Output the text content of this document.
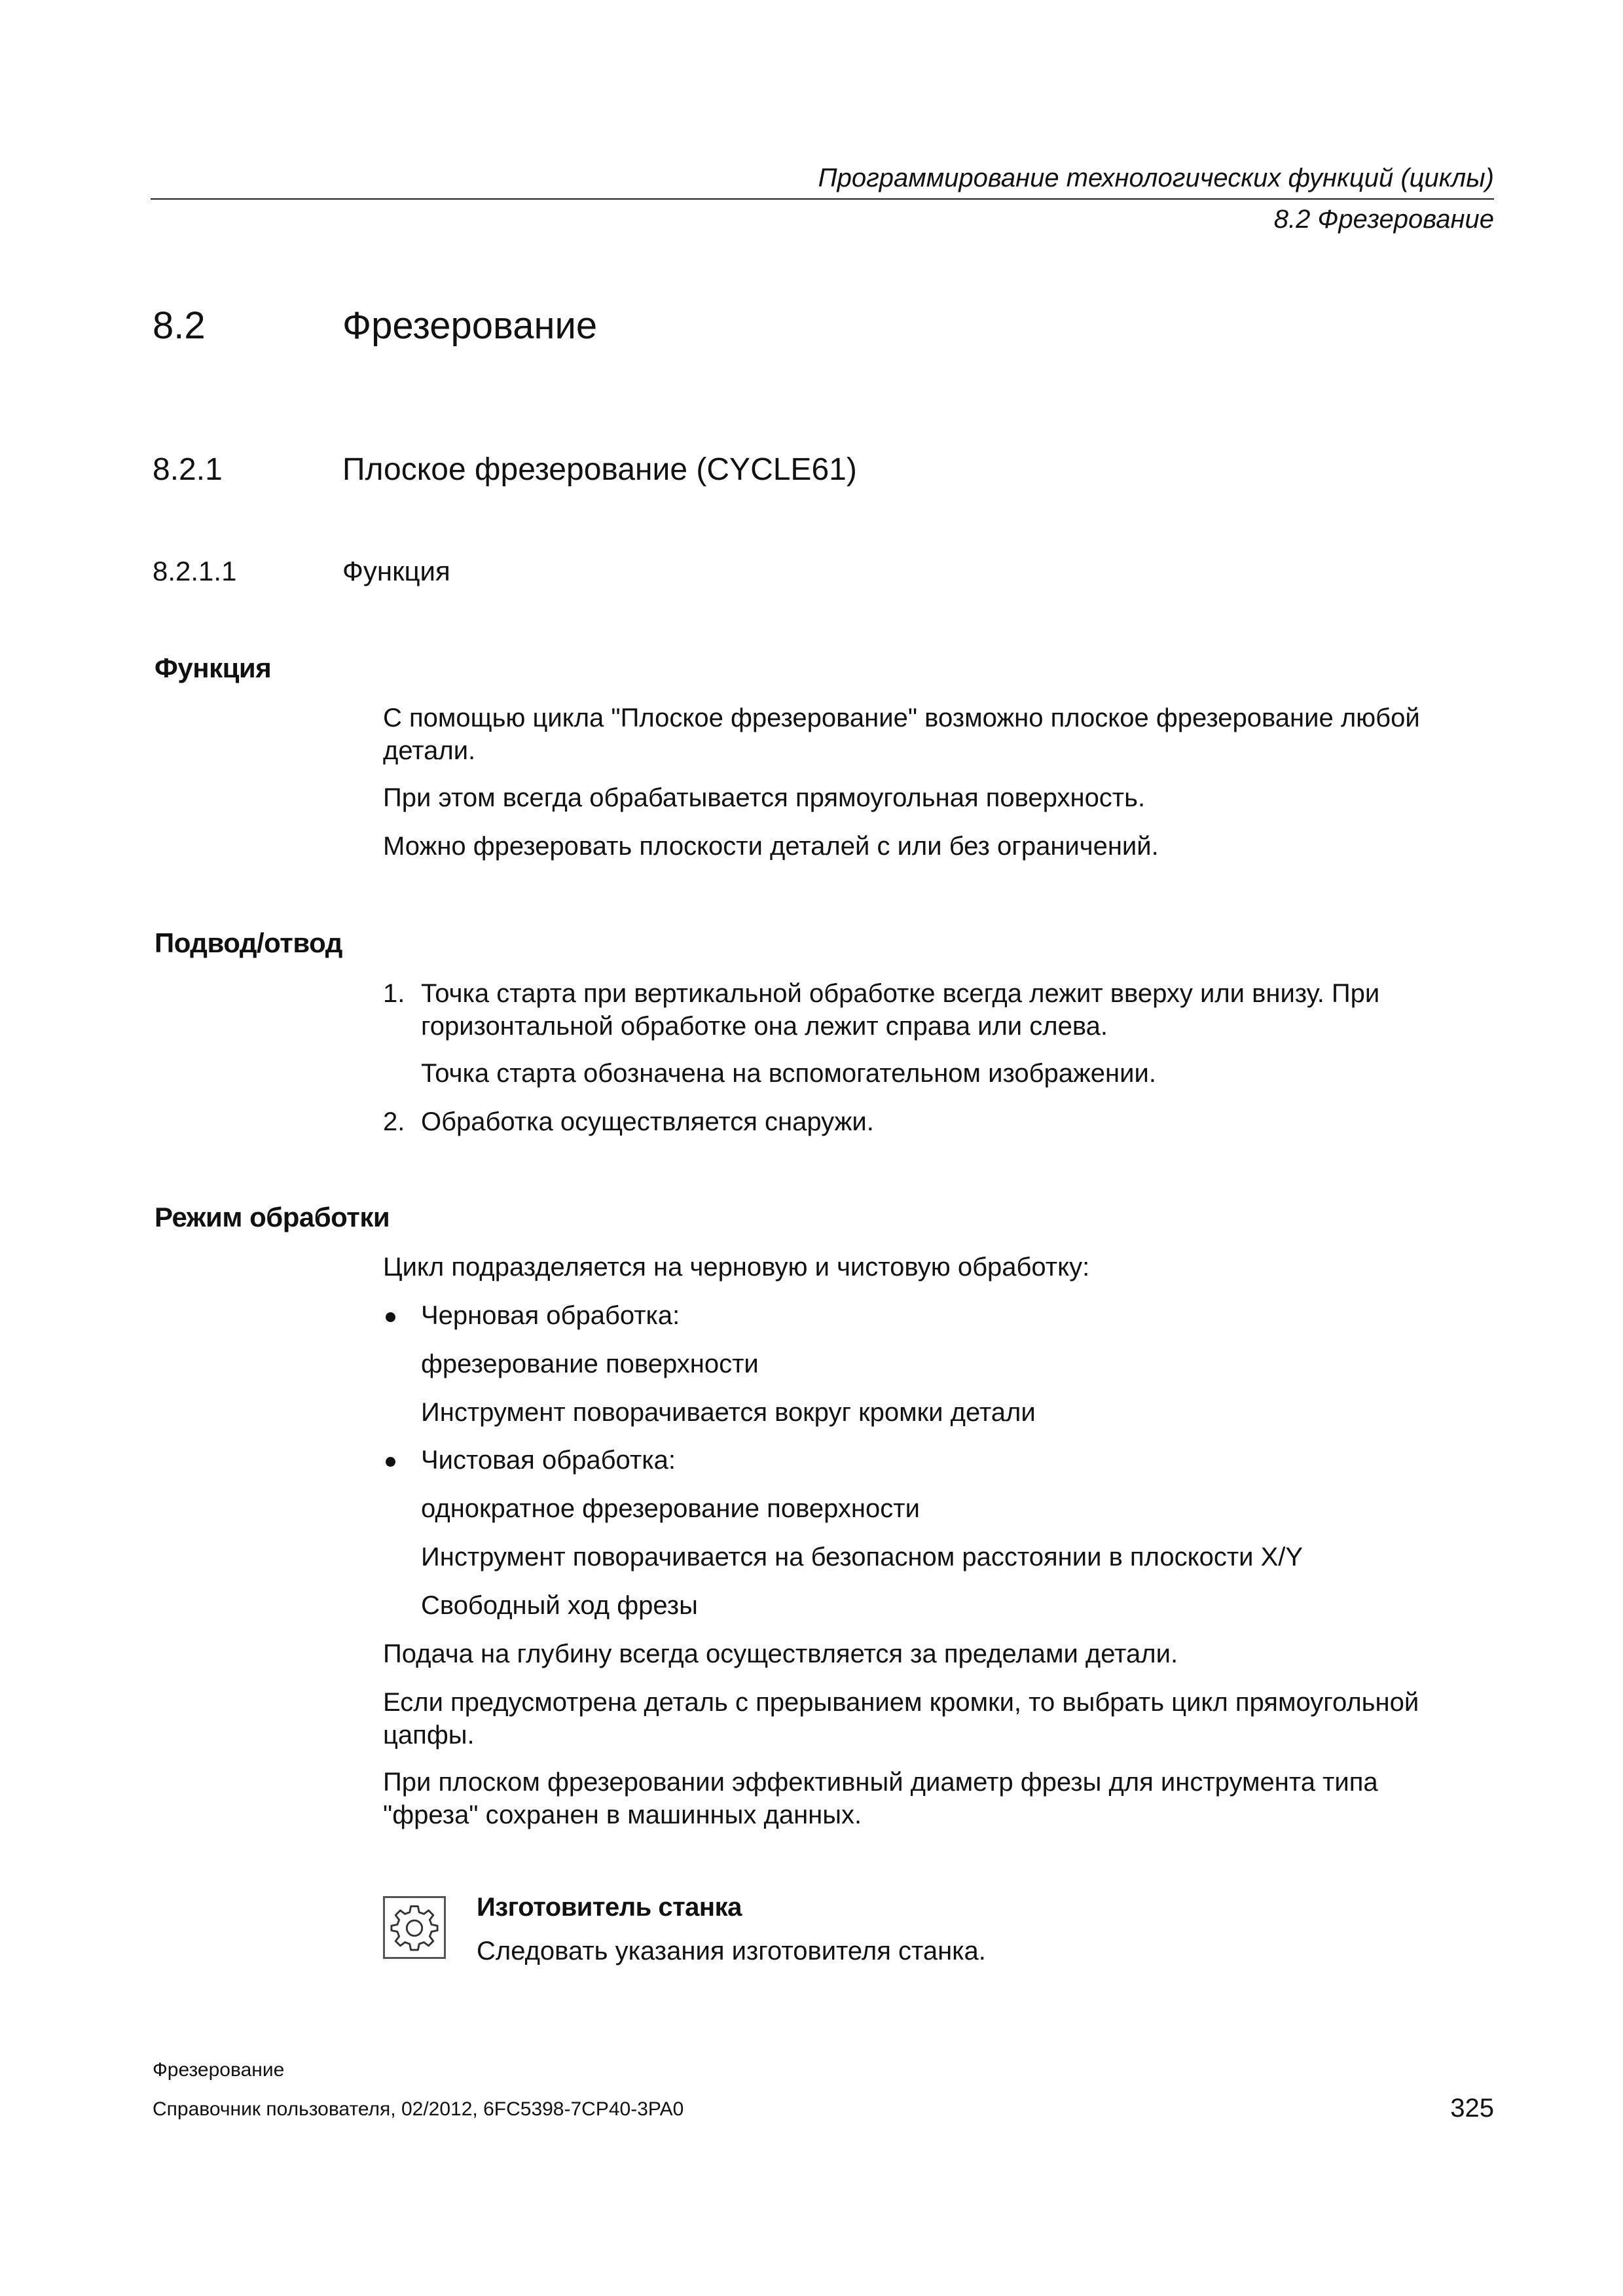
Программирование технологических функций (циклы)
8.2 Фрезерование
8.2	Фрезерование
8.2.1	Плоское фрезерование (CYCLE61)
8.2.1.1	Функция
Функция
С помощью цикла "Плоское фрезерование" возможно плоское фрезерование любой
детали.
При этом всегда обрабатывается прямоугольная поверхность.
Можно фрезеровать плоскости деталей с или без ограничений.
Подвод/отвод
1. Точка старта при вертикальной обработке всегда лежит вверху или внизу. При
горизонтальной обработке она лежит справа или слева.
Точка старта обозначена на вспомогательном изображении.
2. Обработка осуществляется снаружи.
Режим обработки
Цикл подразделяется на черновую и чистовую обработку:
Черновая обработка:
фрезерование поверхности
Инструмент поворачивается вокруг кромки детали
Чистовая обработка:
однократное фрезерование поверхности
Инструмент поворачивается на безопасном расстоянии в плоскости X/Y
Свободный ход фрезы
Подача на глубину всегда осуществляется за пределами детали.
Если предусмотрена деталь с прерыванием кромки, то выбрать цикл прямоугольной
цапфы.
При плоском фрезеровании эффективный диаметр фрезы для инструмента типа
"фреза" сохранен в машинных данных.
Изготовитель станка
Следовать указания изготовителя станка.
Фрезерование
Справочник пользователя, 02/2012, 6FC5398-7CP40-3PA0	325
